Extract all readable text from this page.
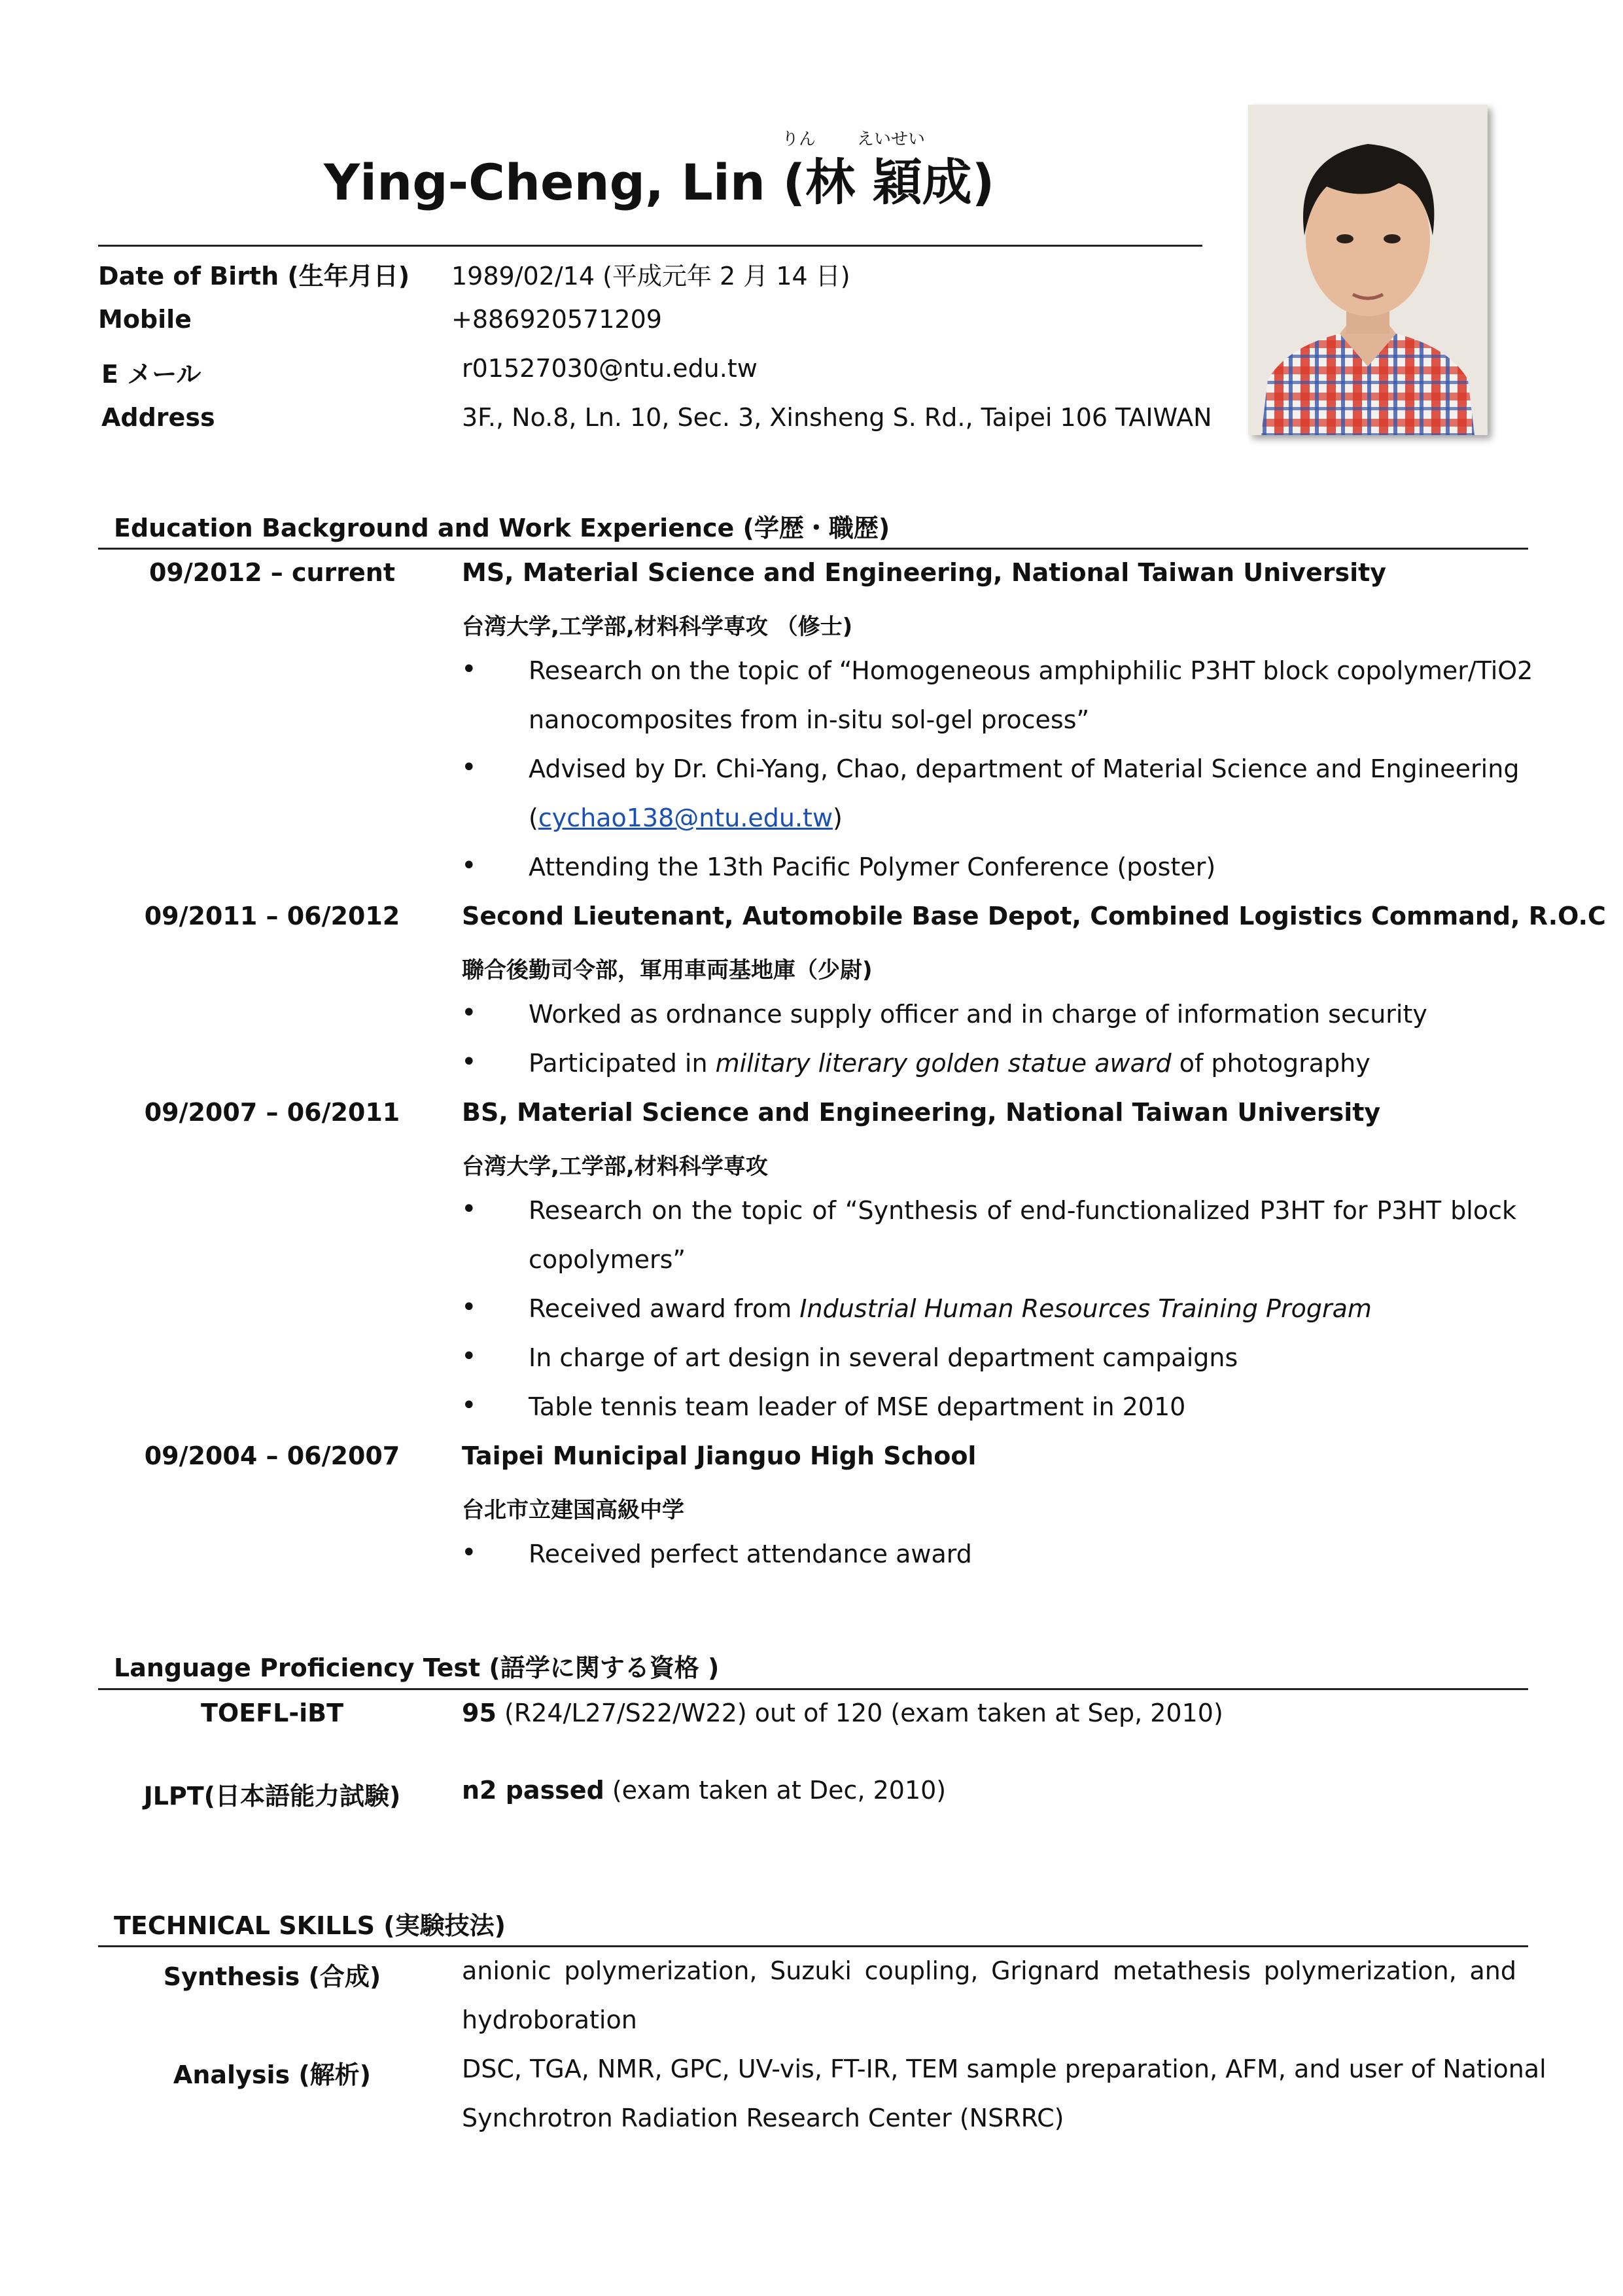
りん えいせい
Ying-Cheng, Lin (林 穎成)
Date of Birth (生年月日) 1989/02/14 (平成元年 2 月 14 日)
Mobile	+886920571209
E メール	r01527030@ntu.edu.tw
Address	3F., No.8, Ln. 10, Sec. 3, Xinsheng S. Rd., Taipei 106 TAIWAN
Education Background and Work Experience (学歴・職歴)
09/2012 – current	MS, Material Science and Engineering, National Taiwan University
台湾大学,工学部,材料科学専攻 （修士)
• Research on the topic of “Homogeneous amphiphilic P3HT block copolymer/TiO2
nanocomposites from in-situ sol-gel process”
• Advised by Dr. Chi-Yang, Chao, department of Material Science and Engineering
(cychao138@ntu.edu.tw)
• Attending the 13th Pacific Polymer Conference (poster)
09/2011 – 06/2012	Second Lieutenant, Automobile Base Depot, Combined Logistics Command, R.O.C
聯合後勤司令部，軍用車両基地庫（少尉)
• Worked as ordnance supply officer and in charge of information security
• Participated in military literary golden statue award of photography
09/2007 – 06/2011	BS, Material Science and Engineering, National Taiwan University
台湾大学,工学部,材料科学専攻
• Research on the topic of “Synthesis of end-functionalized P3HT for P3HT block
copolymers”
• Received award from Industrial Human Resources Training Program
• In charge of art design in several department campaigns
• Table tennis team leader of MSE department in 2010
09/2004 – 06/2007	Taipei Municipal Jianguo High School
台北市立建国高級中学
• Received perfect attendance award
Language Proficiency Test (語学に関する資格 )
TOEFL-iBT	95 (R24/L27/S22/W22) out of 120 (exam taken at Sep, 2010)
JLPT(日本語能力試験)	n2 passed (exam taken at Dec, 2010)
TECHNICAL SKILLS (実験技法)
Synthesis (合成)	anionic polymerization, Suzuki coupling, Grignard metathesis polymerization, and
hydroboration
Analysis (解析)	DSC, TGA, NMR, GPC, UV-vis, FT-IR, TEM sample preparation, AFM, and user of National
Synchrotron Radiation Research Center (NSRRC)
